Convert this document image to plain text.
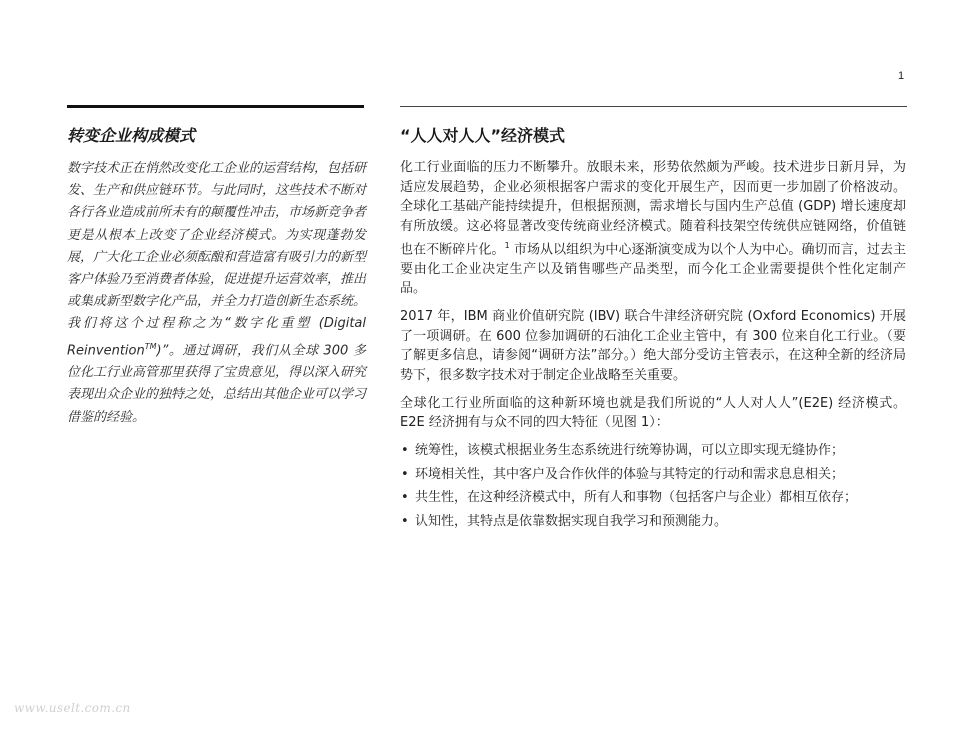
1
转变企业构成模式

数字技术正在悄然改变化工企业的运营结构，包括研发、生产和供应链环节。与此同时，这些技术不断对各行各业造成前所未有的颠覆性冲击，市场新竞争者更是从根本上改变了企业经济模式。为实现蓬勃发展，广大化工企业必须酝酿和营造富有吸引力的新型客户体验乃至消费者体验，促进提升运营效率，推出或集成新型数字化产品，并全力打造创新生态系统。我们将这个过程称之为“数字化重塑 (Digital Reinvention™)”。通过调研，我们从全球 300 多位化工行业高管那里获得了宝贵意见，得以深入研究表现出众企业的独特之处，总结出其他企业可以学习借鉴的经验。

“人人对人人”经济模式

化工行业面临的压力不断攀升。放眼未来，形势依然颇为严峻。技术进步日新月异，为适应发展趋势，企业必须根据客户需求的变化开展生产，因而更一步加剧了价格波动。全球化工基础产能持续提升，但根据预测，需求增长与国内生产总值 (GDP) 增长速度却有所放缓。这必将显著改变传统商业经济模式。随着科技架空传统供应链网络，价值链也在不断碎片化。$^1$ 市场从以组织为中心逐渐演变成为以个人为中心。确切而言，过去主要由化工企业决定生产以及销售哪些产品类型，而今化工企业需要提供个性化定制产品。

2017 年，IBM 商业价值研究院 (IBV) 联合牛津经济研究院 (Oxford Economics) 开展了一项调研。在 600 位参加调研的石油化工企业主管中，有 300 位来自化工行业。（要了解更多信息，请参阅“调研方法”部分。）绝大部分受访主管表示，在这种全新的经济局势下，很多数字技术对于制定企业战略至关重要。

全球化工行业所面临的这种新环境也就是我们所说的“人人对人人”(E2E) 经济模式。E2E 经济拥有与众不同的四大特征（见图 1）：

• 统筹性，该模式根据业务生态系统进行统筹协调，可以立即实现无缝协作；
• 环境相关性，其中客户及合作伙伴的体验与其特定的行动和需求息息相关；
• 共生性，在这种经济模式中，所有人和事物（包括客户与企业）都相互依存；
• 认知性，其特点是依靠数据实现自我学习和预测能力。
www.uselt.com.cn
